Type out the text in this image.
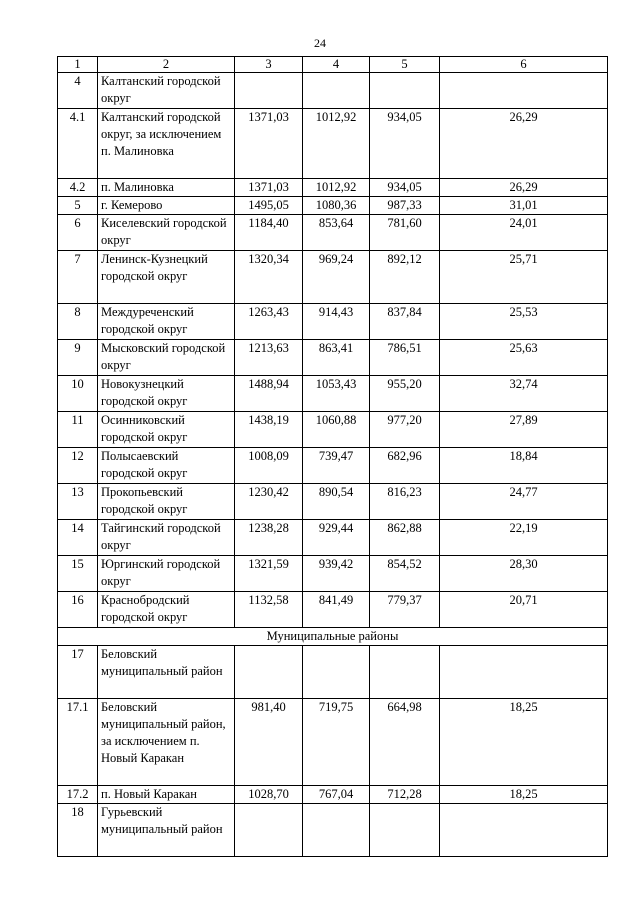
24
1	2	3	4	5	6
4	Калтанский городской округ				
4.1	Калтанский городской округ, за исключением п. Малиновка	1371,03	1012,92	934,05	26,29
4.2	п. Малиновка	1371,03	1012,92	934,05	26,29
5	г. Кемерово	1495,05	1080,36	987,33	31,01
6	Киселевский городской округ	1184,40	853,64	781,60	24,01
7	Ленинск-Кузнецкий городской округ	1320,34	969,24	892,12	25,71
8	Междуреченский городской округ	1263,43	914,43	837,84	25,53
9	Мысковский городской округ	1213,63	863,41	786,51	25,63
10	Новокузнецкий городской округ	1488,94	1053,43	955,20	32,74
11	Осинниковский городской округ	1438,19	1060,88	977,20	27,89
12	Полысаевский городской округ	1008,09	739,47	682,96	18,84
13	Прокопьевский городской округ	1230,42	890,54	816,23	24,77
14	Тайгинский городской округ	1238,28	929,44	862,88	22,19
15	Юргинский городской округ	1321,59	939,42	854,52	28,30
16	Краснобродский городской округ	1132,58	841,49	779,37	20,71
Муниципальные районы					
17	Беловский муниципальный район				
17.1	Беловский муниципальный район, за исключением п. Новый Каракан	981,40	719,75	664,98	18,25
17.2	п. Новый Каракан	1028,70	767,04	712,28	18,25
18	Гурьевский муниципальный район				
